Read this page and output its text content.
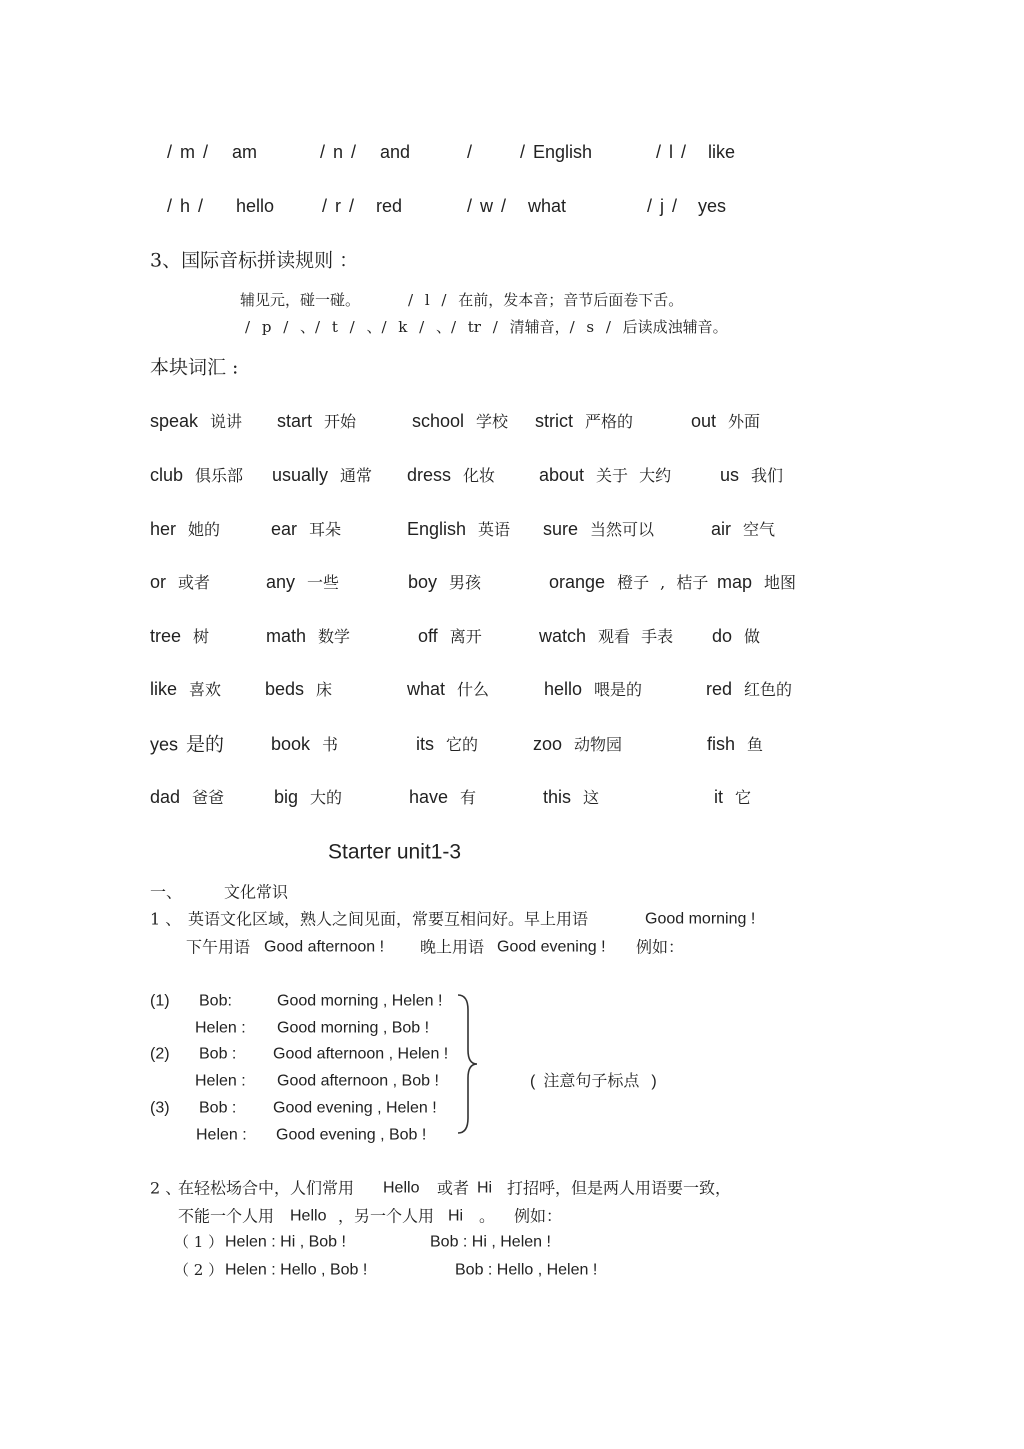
/ m / am	/ n / and	/      / English	/ l / like
/ h / hello	/ r / red	/ w / what	/ j / yes
3、国际音标拼读规则 ：
辅见元，碰一碰。	/ l / 在前，发本音；音节后面卷下舌。
/ p / 、/ t / 、/ k / 、/ tr / 清辅音，/ s / 后读成浊辅音。
本块词汇 :
speak 说讲 start 开始	school 学校 strict 严格的	out 外面
club 俱乐部 usually 通常 dress 化妆 about 关于 大约	us 我们
her 她的	ear 耳朵	English 英语 sure 当然可以	air 空气
or 或者	any 一些	boy 男孩	orange 橙子 , 桔子 map 地图
tree 树	math 数学	off 离开	watch 观看 手表 do 做
like 喜欢 beds 床	what 什么	hello 喂是的	red 红色的
yes 是的	book 书	its 它的	zoo 动物园	fish 鱼
dad 爸爸	big 大的	have 有	this 这	it 它
Starter unit1-3
一、	文化常识
1 、 英语文化区域，熟人之间见面，常要互相问好。早上用语	Good morning !
下午用语 Good afternoon ! 晚上用语 Good evening ! 例如：
(1) Bob:	Good morning , Helen !
Helen : Good morning , Bob !
(2) Bob : Good afternoon , Helen !
Helen : Good afternoon , Bob !
(3) Bob : Good evening , Helen !
Helen : Good evening , Bob !
( 注意句子标点 )
2 、
在轻松场合中，人们常用 Hello 或者 Hi 打招呼，但是两人用语要一致，
不能一个人用 Hello ，另一个人用 Hi 。 例如：
（ 1 ） Helen : Hi , Bob !	Bob : Hi , Helen !
（ 2 ） Helen : Hello , Bob !	Bob : Hello , Helen !
